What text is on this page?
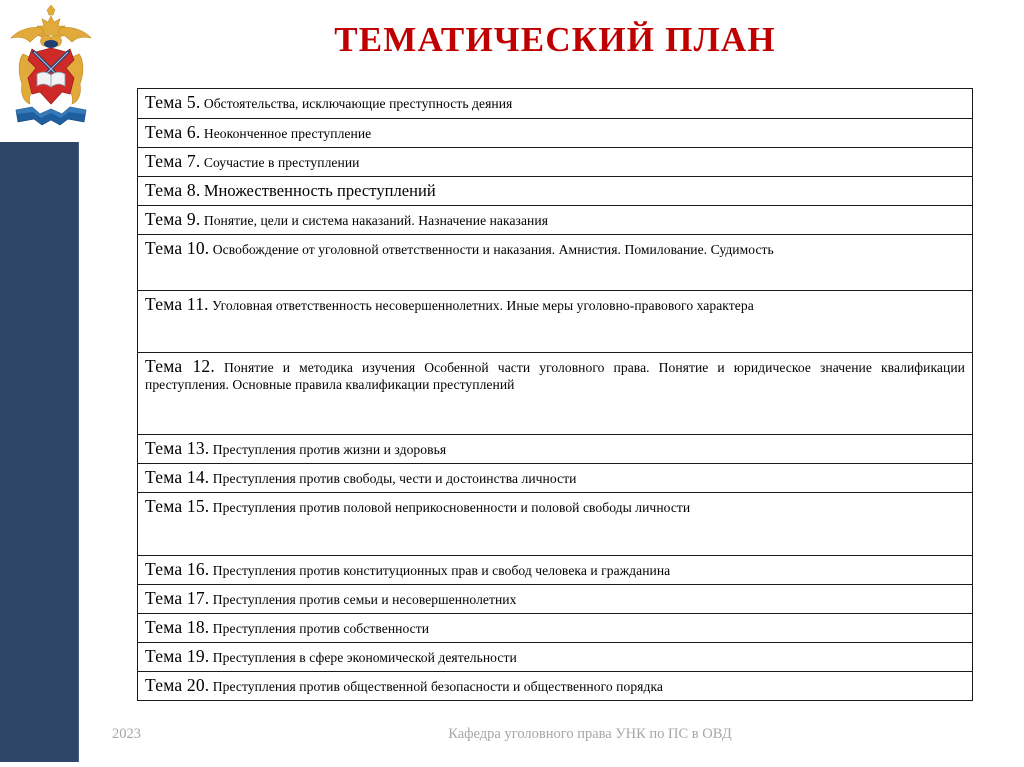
ТЕМАТИЧЕСКИЙ ПЛАН
Тема 5. Обстоятельства, исключающие преступность деяния
Тема 6. Неоконченное преступление
Тема 7. Соучастие в преступлении
Тема 8. Множественность преступлений
Тема 9. Понятие, цели и система наказаний. Назначение наказания
Тема 10. Освобождение от уголовной ответственности и наказания. Амнистия. Помилование. Судимость
Тема 11. Уголовная ответственность несовершеннолетних. Иные меры уголовно-правового характера
Тема 12. Понятие и методика изучения Особенной части уголовного права. Понятие и юридическое значение квалификации преступления. Основные правила квалификации преступлений
Тема 13. Преступления против жизни и здоровья
Тема 14. Преступления против свободы, чести и достоинства личности
Тема 15. Преступления против половой неприкосновенности и половой свободы личности
Тема 16. Преступления против конституционных прав и свобод человека и гражданина
Тема 17. Преступления против семьи и несовершеннолетних
Тема 18. Преступления против собственности
Тема 19. Преступления в сфере экономической деятельности
Тема 20. Преступления против общественной безопасности и общественного порядка
2023	Кафедра уголовного права УНК по ПС в ОВД
